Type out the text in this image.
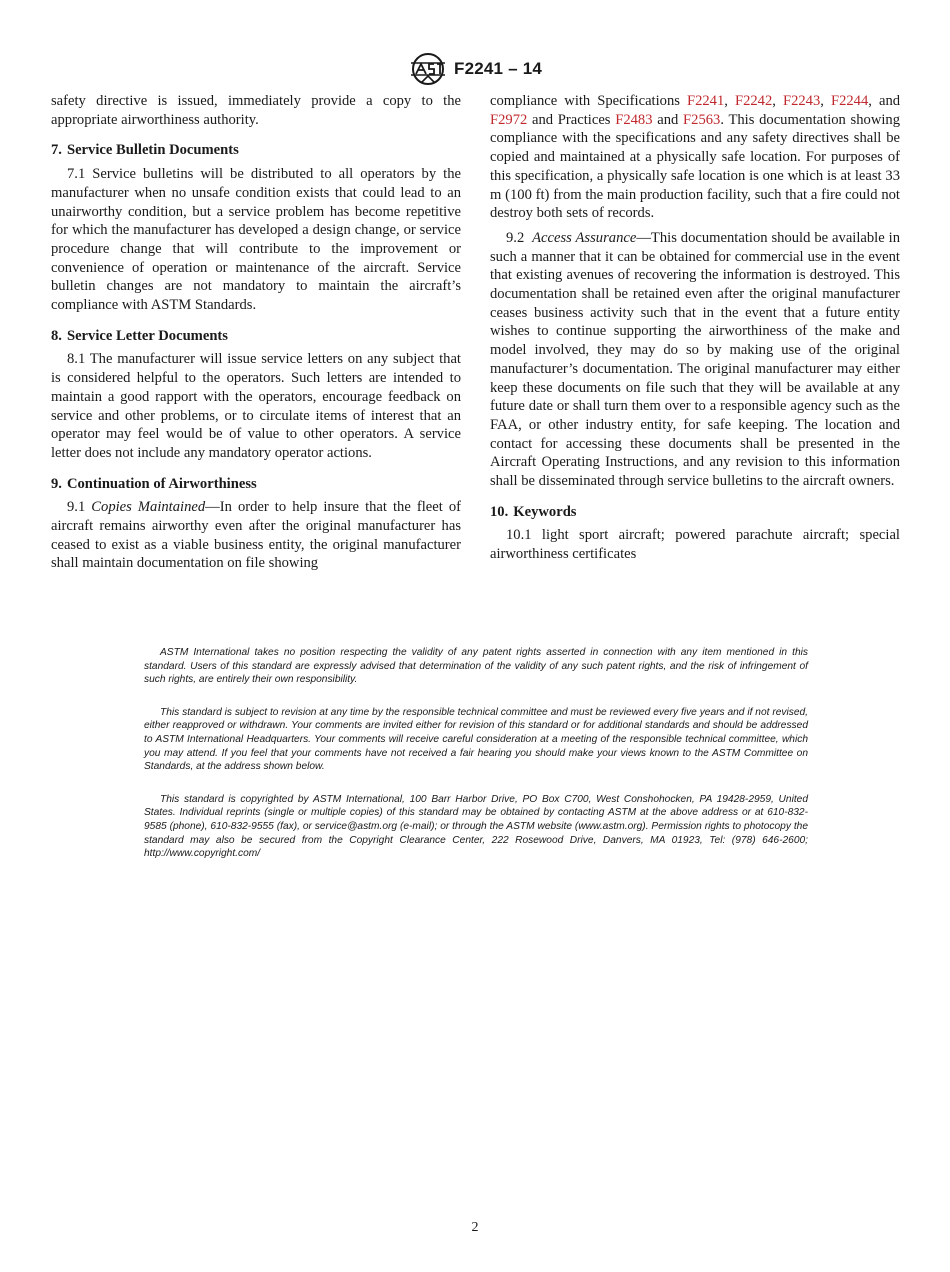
F2241 – 14

safety directive is issued, immediately provide a copy to the appropriate airworthiness authority.

7. Service Bulletin Documents

7.1 Service bulletins will be distributed to all operators by the manufacturer when no unsafe condition exists that could lead to an unairworthy condition, but a service problem has become repetitive for which the manufacturer has developed a design change, or service procedure change that will contribute to the improvement or convenience of operation or maintenance of the aircraft. Service bulletin changes are not mandatory to maintain the aircraft’s compliance with ASTM Standards.

8. Service Letter Documents

8.1 The manufacturer will issue service letters on any subject that is considered helpful to the operators. Such letters are intended to maintain a good rapport with the operators, encourage feedback on service and other problems, or to circulate items of interest that an operator may feel would be of value to other operators. A service letter does not include any mandatory operator actions.

9. Continuation of Airworthiness

9.1 Copies Maintained—In order to help insure that the fleet of aircraft remains airworthy even after the original manufacturer has ceased to exist as a viable business entity, the original manufacturer shall maintain documentation on file showing

compliance with Specifications F2241, F2242, F2243, F2244, and F2972 and Practices F2483 and F2563. This documentation showing compliance with the specifications and any safety directives shall be copied and maintained at a physically safe location. For purposes of this specification, a physically safe location is one which is at least 33 m (100 ft) from the main production facility, such that a fire could not destroy both sets of records.

9.2 Access Assurance—This documentation should be available in such a manner that it can be obtained for commercial use in the event that existing avenues of recovering the information is destroyed. This documentation shall be retained even after the original manufacturer ceases business activity such that in the event that a future entity wishes to continue supporting the airworthiness of the make and model involved, they may do so by making use of the original manufacturer’s documentation. The original manufacturer may either keep these documents on file such that they will be available at any future date or shall turn them over to a responsible agency such as the FAA, or other industry entity, for safe keeping. The location and contact for accessing these documents shall be presented in the Aircraft Operating Instructions, and any revision to this information shall be disseminated through service bulletins to the aircraft owners.

10. Keywords

10.1 light sport aircraft; powered parachute aircraft; special airworthiness certificates

ASTM International takes no position respecting the validity of any patent rights asserted in connection with any item mentioned in this standard. Users of this standard are expressly advised that determination of the validity of any such patent rights, and the risk of infringement of such rights, are entirely their own responsibility.

This standard is subject to revision at any time by the responsible technical committee and must be reviewed every five years and if not revised, either reapproved or withdrawn. Your comments are invited either for revision of this standard or for additional standards and should be addressed to ASTM International Headquarters. Your comments will receive careful consideration at a meeting of the responsible technical committee, which you may attend. If you feel that your comments have not received a fair hearing you should make your views known to the ASTM Committee on Standards, at the address shown below.

This standard is copyrighted by ASTM International, 100 Barr Harbor Drive, PO Box C700, West Conshohocken, PA 19428-2959, United States. Individual reprints (single or multiple copies) of this standard may be obtained by contacting ASTM at the above address or at 610-832-9585 (phone), 610-832-9555 (fax), or service@astm.org (e-mail); or through the ASTM website (www.astm.org). Permission rights to photocopy the standard may also be secured from the Copyright Clearance Center, 222 Rosewood Drive, Danvers, MA 01923, Tel: (978) 646-2600; http://www.copyright.com/

2
